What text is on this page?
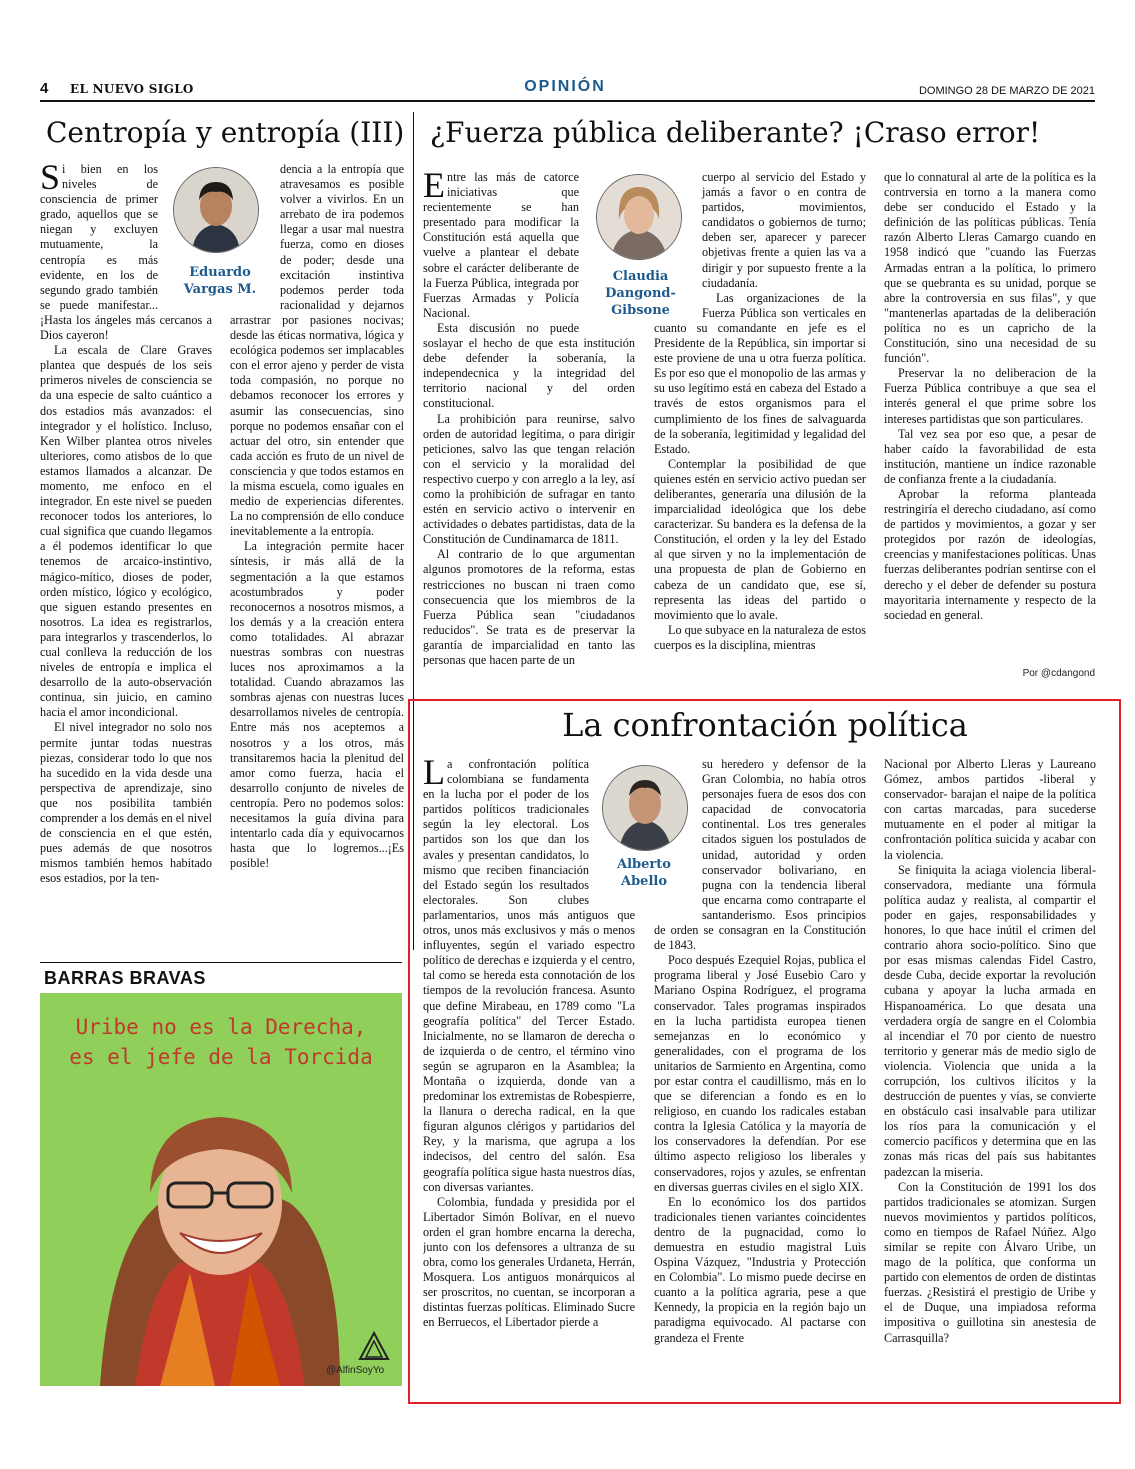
4 EL NUEVO SIGLO	OPINIÓN	DOMINGO 28 DE MARZO DE 2021
Centropía y entropía (III)
Eduardo Vargas M.

Si bien en los niveles de consciencia de primer grado, aquellos que se niegan y excluyen mutuamente, la centropía es más evidente, en los de segundo grado también se puede manifestar... ¡Hasta los ángeles más cercanos a Dios cayeron!

La escala de Clare Graves plantea que después de los seis primeros niveles de consciencia se da una especie de salto cuántico a dos estadios más avanzados: el integrador y el holístico. Incluso, Ken Wilber plantea otros niveles ulteriores, como atisbos de lo que estamos llamados a alcanzar. De momento, me enfoco en el integrador. En este nivel se pueden reconocer todos los anteriores, lo cual significa que cuando llegamos a él podemos identificar lo que tenemos de arcaico-instintivo, mágico-mítico, dioses de poder, orden místico, lógico y ecológico, que siguen estando presentes en nosotros. La idea es registrarlos, para integrarlos y trascenderlos, lo cual conlleva la reducción de los niveles de entropía e implica el desarrollo de la auto-observación continua, sin juicio, en camino hacia el amor incondicional.

El nivel integrador no solo nos permite juntar todas nuestras piezas, considerar todo lo que nos ha sucedido en la vida desde una perspectiva de aprendizaje, sino que nos posibilita también comprender a los demás en el nivel de consciencia en el que estén, pues además de que nosotros mismos también hemos habitado esos estadios, por la ten-

dencia a la entropía que atravesamos es posible volver a vivirlos. En un arrebato de ira podemos llegar a usar mal nuestra fuerza, como en dioses de poder; desde una excitación instintiva podemos perder toda racionalidad y dejarnos arrastrar por pasiones nocivas; desde las éticas normativa, lógica y ecológica podemos ser implacables con el error ajeno y perder de vista toda compasión, no porque no debamos reconocer los errores y asumir las consecuencias, sino porque no podemos ensañar con el actuar del otro, sin entender que cada acción es fruto de un nivel de consciencia y que todos estamos en la misma escuela, como iguales en medio de experiencias diferentes. La no comprensión de ello conduce inevitablemente a la entropía.

La integración permite hacer síntesis, ir más allá de la segmentación a la que estamos acostumbrados y poder reconocernos a nosotros mismos, a los demás y a la creación entera como totalidades. Al abrazar nuestras sombras con nuestras luces nos aproximamos a la totalidad. Cuando abrazamos las sombras ajenas con nuestras luces desarrollamos niveles de centropía. Entre más nos aceptemos a nosotros y a los otros, más transitaremos hacia la plenitud del amor como fuerza, hacia el desarrollo conjunto de niveles de centropía. Pero no podemos solos: necesitamos la guía divina para intentarlo cada día y equivocarnos hasta que lo logremos...¡Es posible!

¿Fuerza pública deliberante? ¡Craso error!
Claudia Dangond-Gibsone

Entre las más de catorce iniciativas que recientemente se han presentado para modificar la Constitución está aquella que vuelve a plantear el debate sobre el carácter deliberante de la Fuerza Pública, integrada por Fuerzas Armadas y Policía Nacional.

Esta discusión no puede soslayar el hecho de que esta institución debe defender la soberanía, la independecnica y la integridad del territorio nacional y del orden constitucional.

La prohibición para reunirse, salvo orden de autoridad legítima, o para dirigir peticiones, salvo las que tengan relación con el servicio y la moralidad del respectivo cuerpo y con arreglo a la ley, así como la prohibición de sufragar en tanto estén en servicio activo o intervenir en actividades o debates partidistas, data de la Constitución de Cundinamarca de 1811.

Al contrario de lo que argumentan algunos promotores de la reforma, estas restricciones no buscan ni traen como consecuencia que los miembros de la Fuerza Pública sean "ciudadanos reducidos". Se trata es de preservar la garantía de imparcialidad en tanto las personas que hacen parte de un

cuerpo al servicio del Estado y jamás a favor o en contra de partidos, movimientos, candidatos o gobiernos de turno; deben ser, aparecer y parecer objetivas frente a quien las va a dirigir y por supuesto frente a la ciudadanía.

Las organizaciones de la Fuerza Pública son verticales en cuanto su comandante en jefe es el Presidente de la República, sin importar si este proviene de una u otra fuerza política. Es por eso que el monopolio de las armas y su uso legítimo está en cabeza del Estado a través de estos organismos para el cumplimiento de los fines de salvaguarda de la soberanía, legitimidad y legalidad del Estado.

Contemplar la posibilidad de que quienes estén en servicio activo puedan ser deliberantes, generaría una dilusión de la imparcialidad ideológica que los debe caracterizar. Su bandera es la defensa de la Constitución, el orden y la ley del Estado al que sirven y no la implementación de una propuesta de plan de Gobierno en cabeza de un candidato que, ese sí, representa las ideas del partido o movimiento que lo avale.

Lo que subyace en la naturaleza de estos cuerpos es la disciplina, mientras

que lo connatural al arte de la política es la contrversia en torno a la manera como debe ser conducido el Estado y la definición de las políticas públicas. Tenía razón Alberto Lleras Camargo cuando en 1958 indicó que "cuando las Fuerzas Armadas entran a la política, lo primero que se quebranta es su unidad, porque se abre la controversia en sus filas", y que "mantenerlas apartadas de la deliberación política no es un capricho de la Constitución, sino una necesidad de su función".

Preservar la no deliberacion de la Fuerza Pública contribuye a que sea el interés general el que prime sobre los intereses partidistas que son particulares.

Tal vez sea por eso que, a pesar de haber caído la favorabilidad de esta institución, mantiene un índice razonable de confianza frente a la ciudadanía.

Aprobar la reforma planteada restringiría el derecho ciudadano, así como de partidos y movimientos, a gozar y ser protegidos por razón de ideologías, creencias y manifestaciones políticas. Unas fuerzas deliberantes podrían sentirse con el derecho y el deber de defender su postura mayoritaria internamente y respecto de la sociedad en general.

Por @cdangond
La confrontación política
Alberto Abello

La confrontación política colombiana se fundamenta en la lucha por el poder de los partidos políticos tradicionales según la ley electoral. Los partidos son los que dan los avales y presentan candidatos, lo mismo que reciben financiación del Estado según los resultados electorales. Son clubes parlamentarios, unos más antiguos que otros, unos más exclusivos y más o menos influyentes, según el variado espectro político de derechas e izquierda y el centro, tal como se hereda esta connotación de los tiempos de la revolución francesa. Asunto que define Mirabeau, en 1789 como "La geografía política" del Tercer Estado. Inicialmente, no se llamaron de derecha o de izquierda o de centro, el término vino según se agruparon en la Asamblea; la Montaña o izquierda, donde van a predominar los extremistas de Robespierre, la llanura o derecha radical, en la que figuran algunos clérigos y partidarios del Rey, y la marisma, que agrupa a los indecisos, del centro del salón. Esa geografía política sigue hasta nuestros días, con diversas variantes.

Colombia, fundada y presidida por el Libertador Simón Bolívar, en el nuevo orden el gran hombre encarna la derecha, junto con los defensores a ultranza de su obra, como los generales Urdaneta, Herrán, Mosquera. Los antiguos monárquicos al ser proscritos, no cuentan, se incorporan a distintas fuerzas políticas. Eliminado Sucre en Berruecos, el Libertador pierde a

su heredero y defensor de la Gran Colombia, no había otros personajes fuera de esos dos con capacidad de convocatoria continental. Los tres generales citados siguen los postulados de unidad, autoridad y orden conservador bolivariano, en pugna con la tendencia liberal que encarna como contraparte el santanderismo. Esos principios de orden se consagran en la Constitución de 1843.

Poco después Ezequiel Rojas, publica el programa liberal y José Eusebio Caro y Mariano Ospina Rodríguez, el programa conservador. Tales programas inspirados en la lucha partidista europea tienen semejanzas en lo económico y generalidades, con el programa de los unitarios de Sarmiento en Argentina, como por estar contra el caudillismo, más en lo que se diferencian a fondo es en lo religioso, en cuando los radicales estaban contra la Iglesia Católica y la mayoría de los conservadores la defendían. Por ese último aspecto religioso los liberales y conservadores, rojos y azules, se enfrentan en diversas guerras civiles en el siglo XIX.

En lo económico los dos partidos tradicionales tienen variantes coincidentes dentro de la pugnacidad, como lo demuestra en estudio magistral Luis Ospina Vázquez, "Industria y Protección en Colombia". Lo mismo puede decirse en cuanto a la política agraria, pese a que Kennedy, la propicia en la región bajo un paradigma equivocado. Al pactarse con grandeza el Frente

Nacional por Alberto Lleras y Laureano Gómez, ambos partidos -liberal y conservador- barajan el naipe de la política con cartas marcadas, para sucederse mutuamente en el poder al mitigar la confrontación política suicida y acabar con la violencia.

Se finiquita la aciaga violencia liberal-conservadora, mediante una fórmula política audaz y realista, al compartir el poder en gajes, responsabilidades y honores, lo que hace inútil el crimen del contrario ahora socio-político. Sino que por esas mismas calendas Fidel Castro, desde Cuba, decide exportar la revolución cubana y apoyar la lucha armada en Hispanoamérica. Lo que desata una verdadera orgía de sangre en el Colombia al incendiar el 70 por ciento de nuestro territorio y generar más de medio siglo de violencia. Violencia que unida a la corrupción, los cultivos ilícitos y la destrucción de puentes y vías, se convierte en obstáculo casi insalvable para utilizar los ríos para la comunicación y el comercio pacíficos y determina que en las zonas más ricas del país sus habitantes padezcan la miseria.

Con la Constitución de 1991 los dos partidos tradicionales se atomizan. Surgen nuevos movimientos y partidos políticos, como en tiempos de Rafael Núñez. Algo similar se repite con Álvaro Uribe, un mago de la política, que conforma un partido con elementos de orden de distintas fuerzas. ¿Resistirá el prestigio de Uribe y el de Duque, una impiadosa reforma impositiva o guillotina sin anestesia de Carrasquilla?

BARRAS BRAVAS
Uribe no es la Derecha,
es el jefe de la Torcida
@AlfinSoyYo
